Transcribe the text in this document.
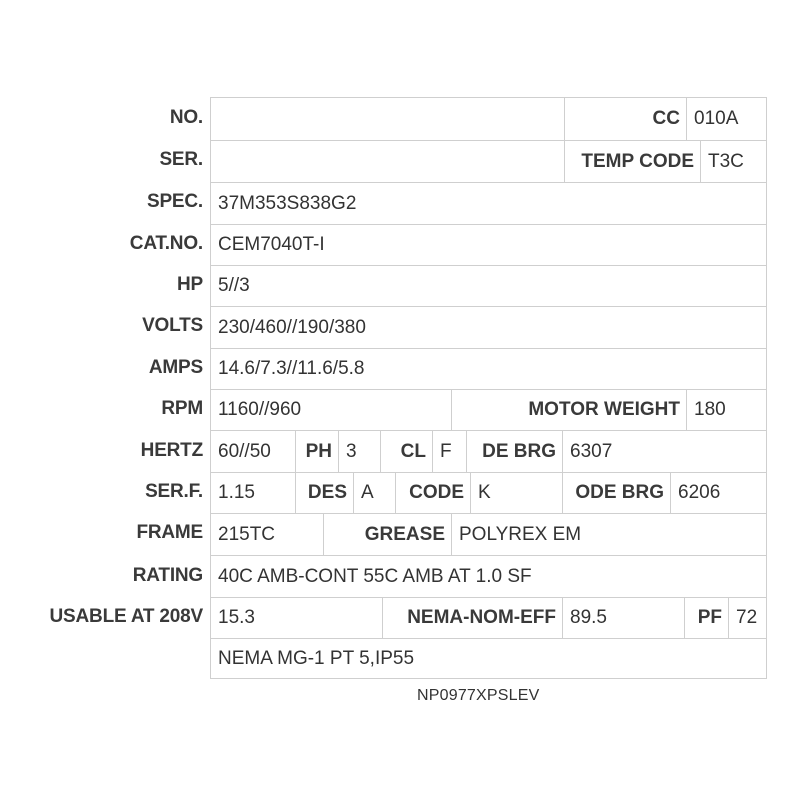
NO.	CC 010A
SER.	TEMP CODE T3C
SPEC. 37M353S838G2
CAT.NO. CEM7040T-I
HP 5//3
VOLTS 230/460//190/380
AMPS 14.6/7.3//11.6/5.8
RPM 1160//960	MOTOR WEIGHT 180
HERTZ 60//50	PH 3	CL F	DE BRG 6307
SER.F. 1.15	DES A	CODE K	ODE BRG 6206
FRAME 215TC	GREASE POLYREX EM
RATING 40C AMB-CONT 55C AMB AT 1.0 SF
USABLE AT 208V 15.3	NEMA-NOM-EFF 89.5	PF 72
NEMA MG-1 PT 5,IP55
NP0977XPSLEV
